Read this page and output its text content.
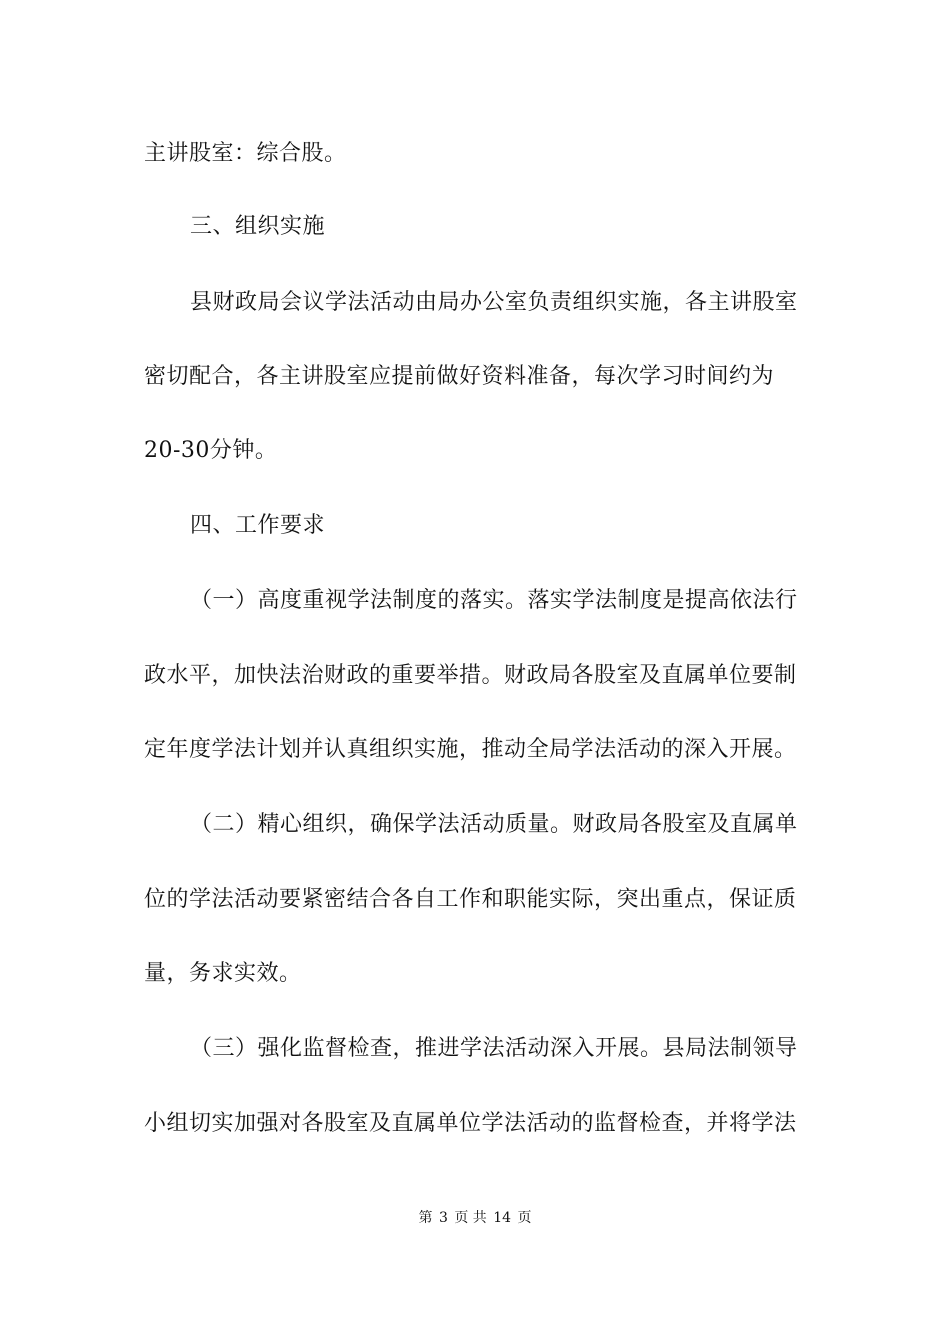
主讲股室：综合股。
三、组织实施
县财政局会议学法活动由局办公室负责组织实施，各主讲股室
密切配合，各主讲股室应提前做好资料准备，每次学习时间约为
20-30分钟。
四、工作要求
（一）高度重视学法制度的落实。落实学法制度是提高依法行
政水平，加快法治财政的重要举措。财政局各股室及直属单位要制
定年度学法计划并认真组织实施，推动全局学法活动的深入开展。
（二）精心组织，确保学法活动质量。财政局各股室及直属单
位的学法活动要紧密结合各自工作和职能实际，突出重点，保证质
量，务求实效。
（三）强化监督检查，推进学法活动深入开展。县局法制领导
小组切实加强对各股室及直属单位学法活动的监督检查，并将学法
第 3 页 共 14 页
